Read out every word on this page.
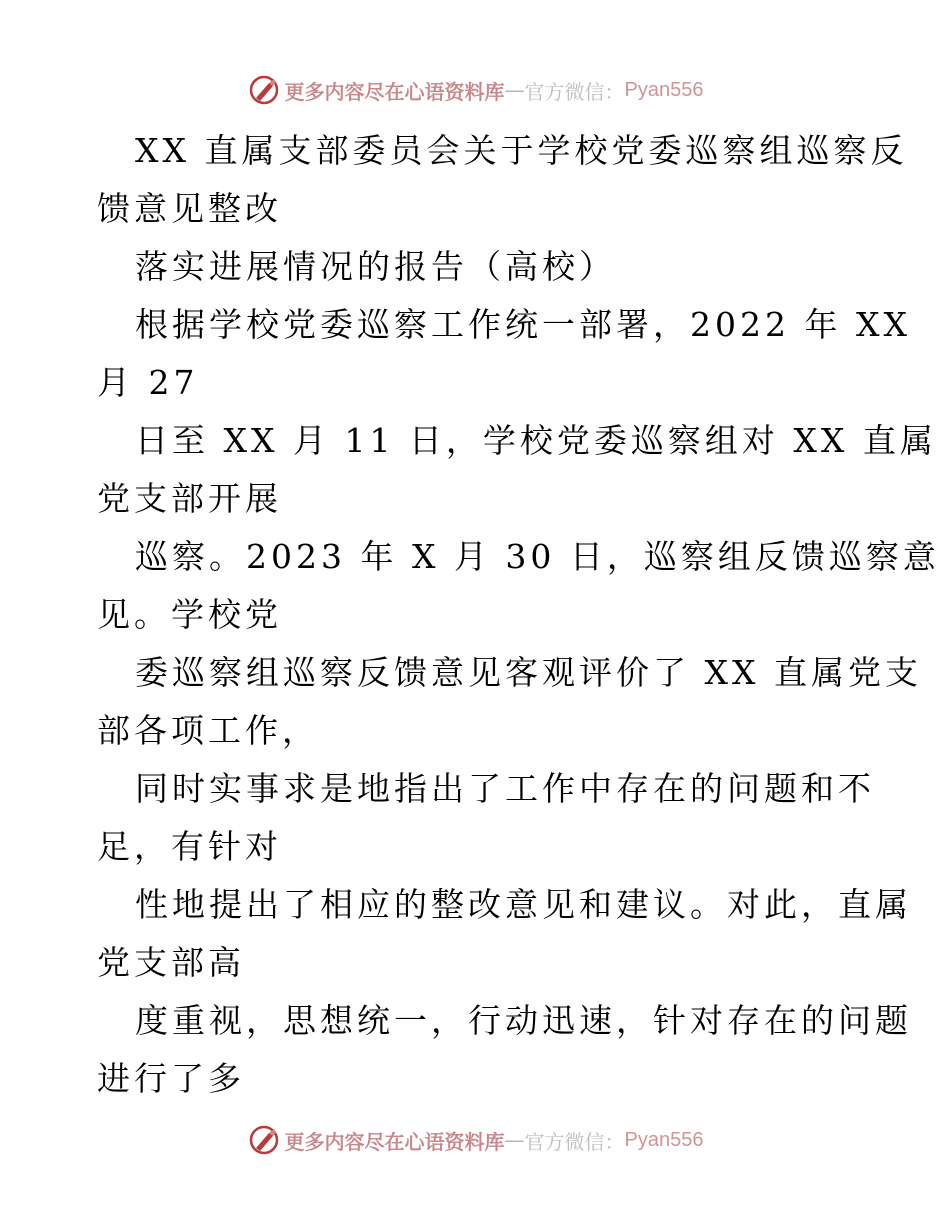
更多内容尽在心语资料库 — 官方微信： Pyan556
XX 直属支部委员会关于学校党委巡察组巡察反
馈意见整改
落实进展情况的报告（高校）
根据学校党委巡察工作统一部署，2022 年 XX
月 27
日至 XX 月 11 日，学校党委巡察组对 XX 直属
党支部开展
巡察。2023 年 X 月 30 日，巡察组反馈巡察意
见。学校党
委巡察组巡察反馈意见客观评价了 XX 直属党支
部各项工作，
同时实事求是地指出了工作中存在的问题和不
足，有针对
性地提出了相应的整改意见和建议。对此，直属
党支部高
度重视，思想统一，行动迅速，针对存在的问题
进行了多
更多内容尽在心语资料库 — 官方微信： Pyan556
